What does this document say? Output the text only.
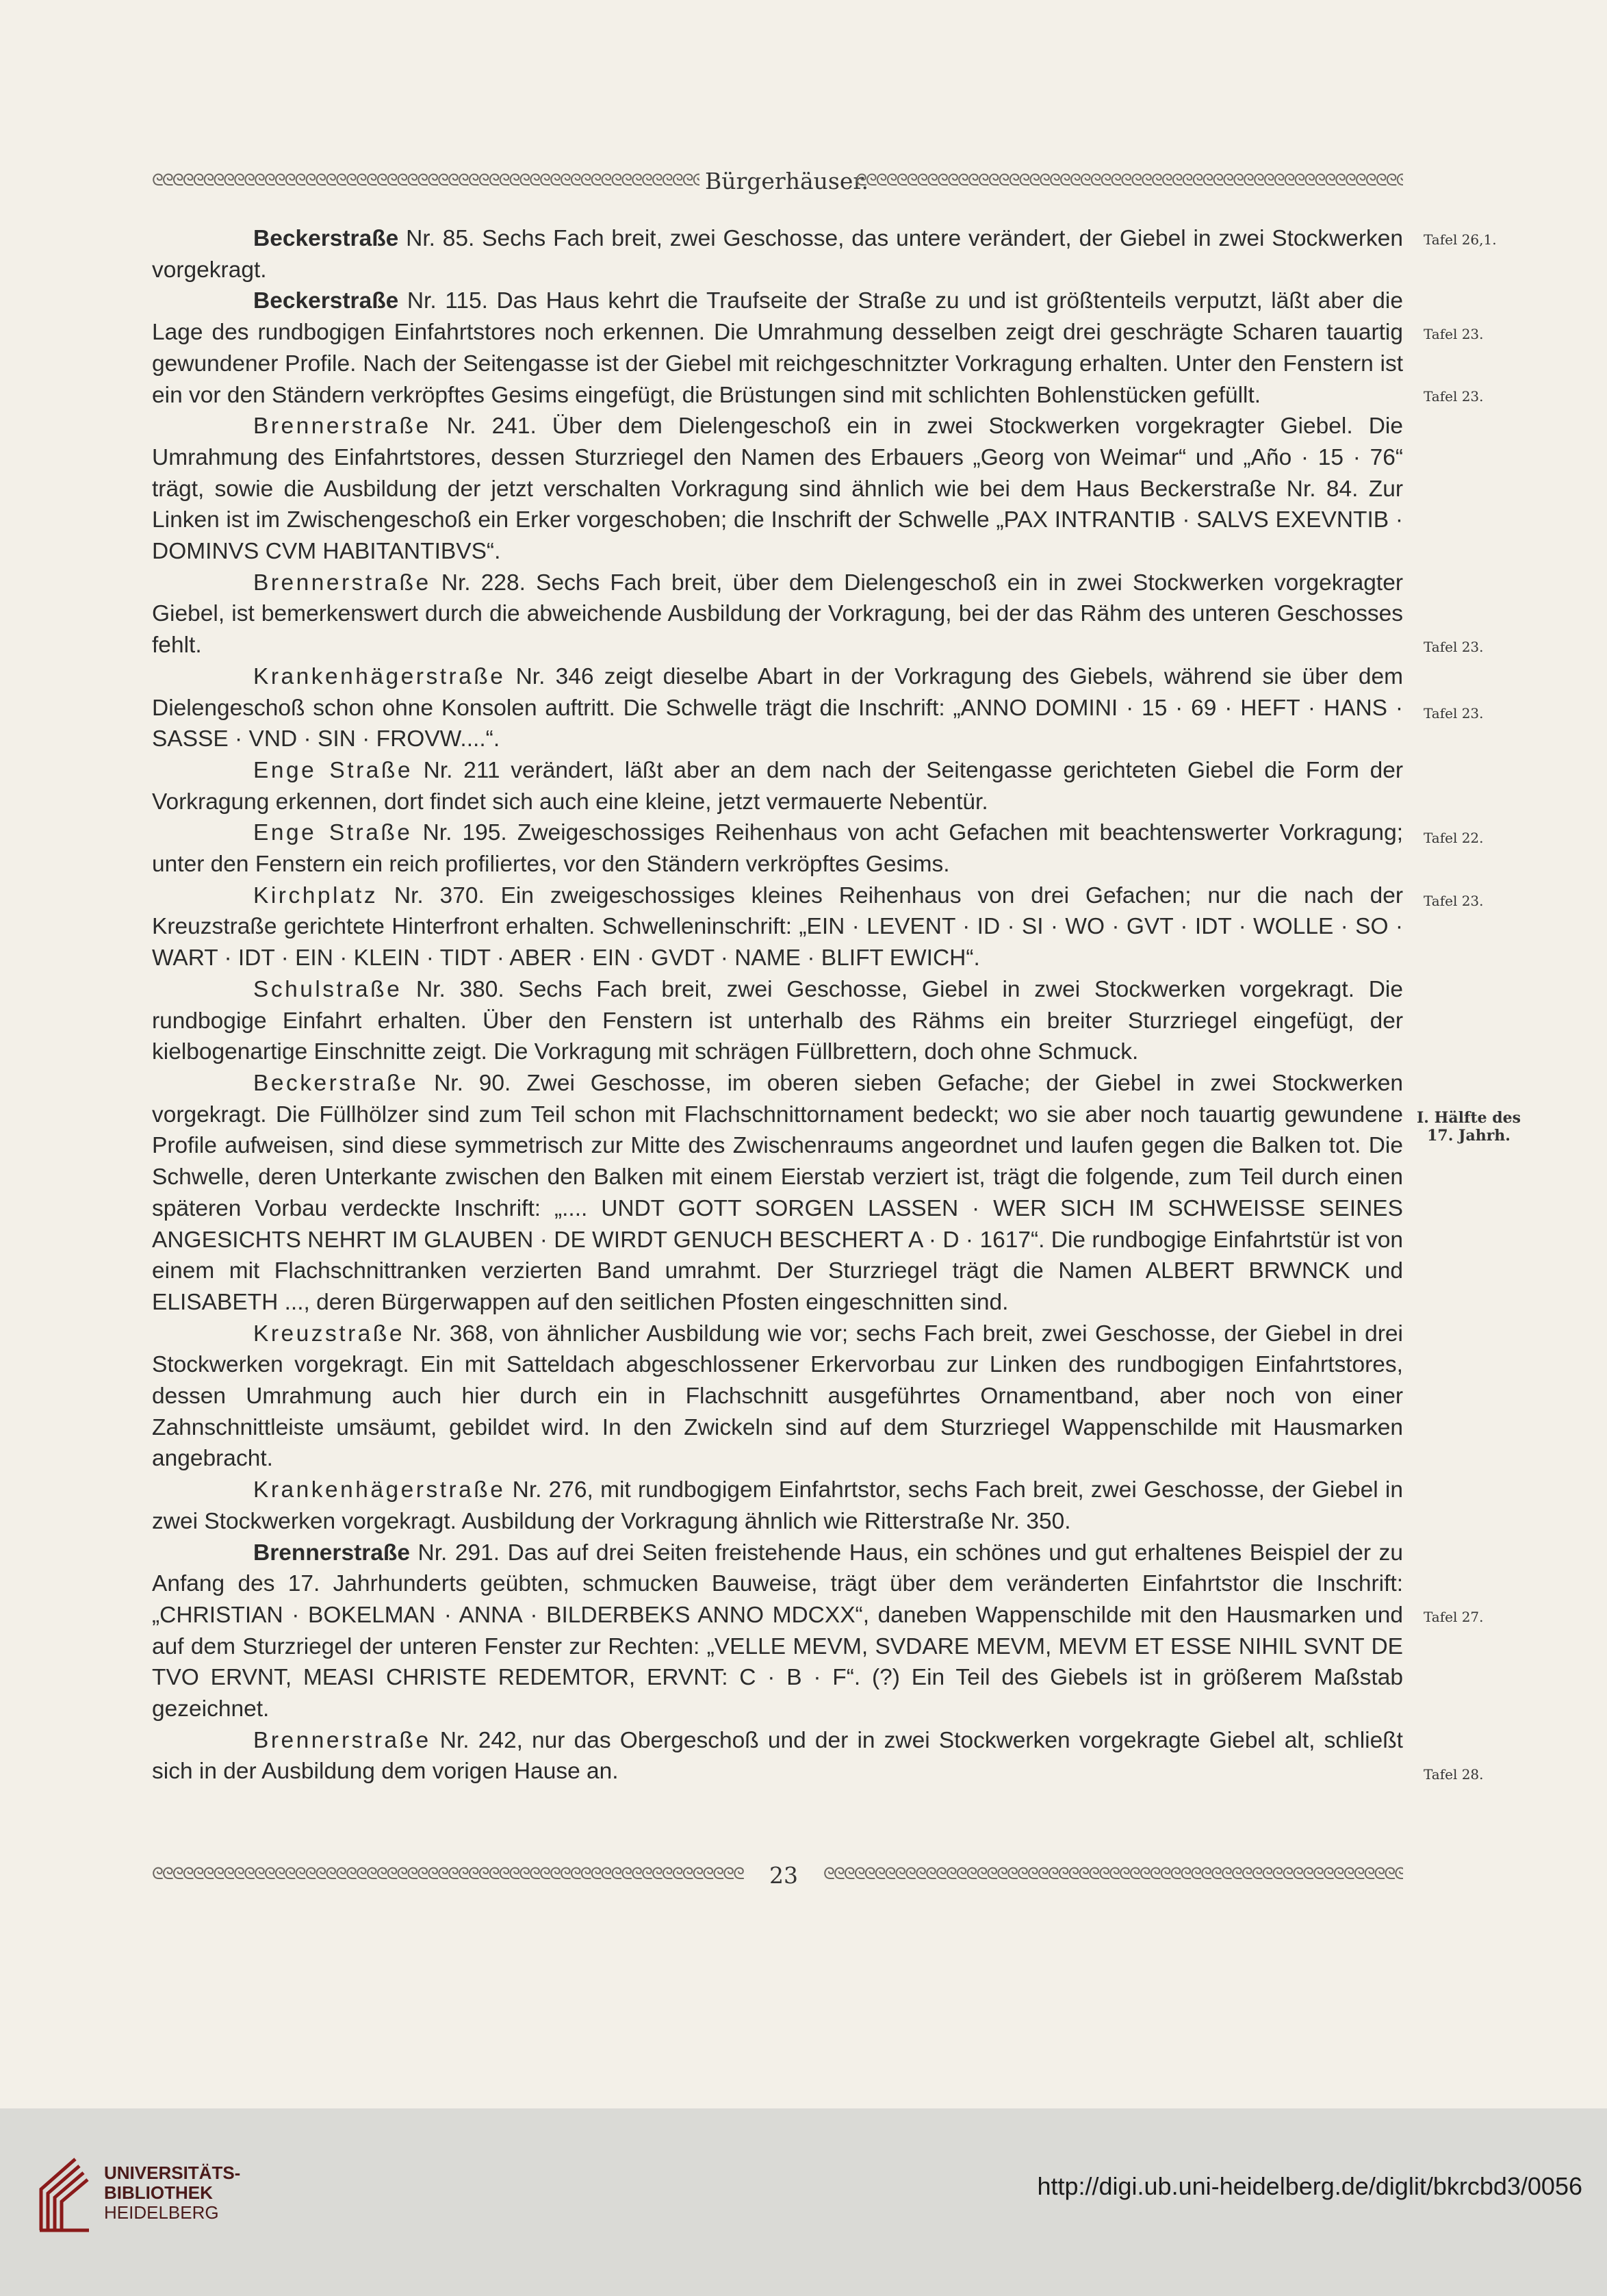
ᘓᘓᘓᘓᘓᘓᘓᘓᘓᘓᘓᘓᘓᘓᘓᘓᘓᘓᘓᘓᘓᘓᘓᘓᘓᘓᘓᘓᘓᘓᘓᘓᘓᘓᘓᘓᘓᘓᘓᘓᘓᘓᘓᘓᘓᘓᘓᘓᘓᘓᘓᘓᘓᘓᘓᘓᘓᘓᘓᘓᘓᘓᘓᘓᘓᘓᘓᘓᘓᘓᘓᘓᘓᘓᘓᘓᘓᘓᘓᘓᘓᘓᘓᘓᘓᘓ
Bürgerhäuser.
ᘓᘓᘓᘓᘓᘓᘓᘓᘓᘓᘓᘓᘓᘓᘓᘓᘓᘓᘓᘓᘓᘓᘓᘓᘓᘓᘓᘓᘓᘓᘓᘓᘓᘓᘓᘓᘓᘓᘓᘓᘓᘓᘓᘓᘓᘓᘓᘓᘓᘓᘓᘓᘓᘓᘓᘓᘓᘓᘓᘓᘓᘓᘓᘓᘓᘓᘓᘓᘓᘓᘓᘓᘓᘓᘓᘓᘓᘓᘓᘓᘓᘓᘓᘓᘓᘓ

Beckerstraße Nr. 85. Sechs Fach breit, zwei Geschosse, das untere verändert, der Giebel in zwei Stockwerken vorgekragt.

Beckerstraße Nr. 115. Das Haus kehrt die Traufseite der Straße zu und ist größtenteils verputzt, läßt aber die Lage des rundbogigen Einfahrtstores noch erkennen. Die Umrahmung desselben zeigt drei geschrägte Scharen tauartig gewundener Profile. Nach der Seitengasse ist der Giebel mit reichgeschnitzter Vorkragung erhalten. Unter den Fenstern ist ein vor den Ständern verkröpftes Gesims eingefügt, die Brüstungen sind mit schlichten Bohlenstücken gefüllt.

Brennerstraße Nr. 241. Über dem Dielengeschoß ein in zwei Stockwerken vorgekragter Giebel. Die Umrahmung des Einfahrtstores, dessen Sturzriegel den Namen des Erbauers „Georg von Weimar“ und „Año · 15 · 76“ trägt, sowie die Ausbildung der jetzt verschalten Vorkragung sind ähnlich wie bei dem Haus Beckerstraße Nr. 84. Zur Linken ist im Zwischengeschoß ein Erker vorgeschoben; die Inschrift der Schwelle „PAX INTRANTIB · SALVS EXEVNTIB · DOMINVS CVM HABITANTIBVS“.

Brennerstraße Nr. 228. Sechs Fach breit, über dem Dielengeschoß ein in zwei Stockwerken vorgekragter Giebel, ist bemerkenswert durch die abweichende Ausbildung der Vorkragung, bei der das Rähm des unteren Geschosses fehlt.

Krankenhägerstraße Nr. 346 zeigt dieselbe Abart in der Vorkragung des Giebels, während sie über dem Dielengeschoß schon ohne Konsolen auftritt. Die Schwelle trägt die Inschrift: „ANNO DOMINI · 15 · 69 · HEFT · HANS · SASSE · VND · SIN · FROVW....“.

Enge Straße Nr. 211 verändert, läßt aber an dem nach der Seitengasse gerichteten Giebel die Form der Vorkragung erkennen, dort findet sich auch eine kleine, jetzt vermauerte Nebentür.

Enge Straße Nr. 195. Zweigeschossiges Reihenhaus von acht Gefachen mit beachtenswerter Vorkragung; unter den Fenstern ein reich profiliertes, vor den Ständern verkröpftes Gesims.

Kirchplatz Nr. 370. Ein zweigeschossiges kleines Reihenhaus von drei Gefachen; nur die nach der Kreuzstraße gerichtete Hinterfront erhalten. Schwelleninschrift: „EIN · LEVENT · ID · SI · WO · GVT · IDT · WOLLE · SO · WART · IDT · EIN · KLEIN · TIDT · ABER · EIN · GVDT · NAME · BLIFT EWICH“.

Schulstraße Nr. 380. Sechs Fach breit, zwei Geschosse, Giebel in zwei Stockwerken vorgekragt. Die rundbogige Einfahrt erhalten. Über den Fenstern ist unterhalb des Rähms ein breiter Sturzriegel eingefügt, der kielbogenartige Einschnitte zeigt. Die Vorkragung mit schrägen Füllbrettern, doch ohne Schmuck.

Beckerstraße Nr. 90. Zwei Geschosse, im oberen sieben Gefache; der Giebel in zwei Stockwerken vorgekragt. Die Füllhölzer sind zum Teil schon mit Flachschnittornament bedeckt; wo sie aber noch tauartig gewundene Profile aufweisen, sind diese symmetrisch zur Mitte des Zwischenraums angeordnet und laufen gegen die Balken tot. Die Schwelle, deren Unterkante zwischen den Balken mit einem Eierstab verziert ist, trägt die folgende, zum Teil durch einen späteren Vorbau verdeckte Inschrift: „.... UNDT GOTT SORGEN LASSEN · WER SICH IM SCHWEISSE SEINES ANGESICHTS NEHRT IM GLAUBEN · DE WIRDT GENUCH BESCHERT A · D · 1617“. Die rundbogige Einfahrtstür ist von einem mit Flachschnittranken verzierten Band umrahmt. Der Sturzriegel trägt die Namen ALBERT BRWNCK und ELISABETH ..., deren Bürgerwappen auf den seitlichen Pfosten eingeschnitten sind.

Kreuzstraße Nr. 368, von ähnlicher Ausbildung wie vor; sechs Fach breit, zwei Geschosse, der Giebel in drei Stockwerken vorgekragt. Ein mit Satteldach abgeschlossener Erkervorbau zur Linken des rundbogigen Einfahrtstores, dessen Umrahmung auch hier durch ein in Flachschnitt ausgeführtes Ornamentband, aber noch von einer Zahnschnittleiste umsäumt, gebildet wird. In den Zwickeln sind auf dem Sturzriegel Wappenschilde mit Hausmarken angebracht.

Krankenhägerstraße Nr. 276, mit rundbogigem Einfahrtstor, sechs Fach breit, zwei Geschosse, der Giebel in zwei Stockwerken vorgekragt. Ausbildung der Vorkragung ähnlich wie Ritterstraße Nr. 350.

Brennerstraße Nr. 291. Das auf drei Seiten freistehende Haus, ein schönes und gut erhaltenes Beispiel der zu Anfang des 17. Jahrhunderts geübten, schmucken Bauweise, trägt über dem veränderten Einfahrtstor die Inschrift: „CHRISTIAN · BOKELMAN · ANNA · BILDERBEKS ANNO MDCXX“, daneben Wappenschilde mit den Hausmarken und auf dem Sturzriegel der unteren Fenster zur Rechten: „VELLE MEVM, SVDARE MEVM, MEVM ET ESSE NIHIL SVNT DE TVO ERVNT, MEASI CHRISTE REDEMTOR, ERVNT: C · B · F“. (?) Ein Teil des Giebels ist in größerem Maßstab gezeichnet.

Brennerstraße Nr. 242, nur das Obergeschoß und der in zwei Stockwerken vorgekragte Giebel alt, schließt sich in der Ausbildung dem vorigen Hause an.

Tafel 26,1.
Tafel 23.
Tafel 23.
Tafel 23.
Tafel 23.
Tafel 22.
Tafel 23.
I. Hälfte des
17. Jahrh.
Tafel 27.
Tafel 28.
ᘓᘓᘓᘓᘓᘓᘓᘓᘓᘓᘓᘓᘓᘓᘓᘓᘓᘓᘓᘓᘓᘓᘓᘓᘓᘓᘓᘓᘓᘓᘓᘓᘓᘓᘓᘓᘓᘓᘓᘓᘓᘓᘓᘓᘓᘓᘓᘓᘓᘓᘓᘓᘓᘓᘓᘓᘓᘓᘓᘓᘓᘓᘓᘓᘓᘓᘓᘓᘓᘓᘓᘓᘓᘓᘓᘓᘓᘓᘓᘓᘓᘓᘓᘓᘓᘓ
23
ᘓᘓᘓᘓᘓᘓᘓᘓᘓᘓᘓᘓᘓᘓᘓᘓᘓᘓᘓᘓᘓᘓᘓᘓᘓᘓᘓᘓᘓᘓᘓᘓᘓᘓᘓᘓᘓᘓᘓᘓᘓᘓᘓᘓᘓᘓᘓᘓᘓᘓᘓᘓᘓᘓᘓᘓᘓᘓᘓᘓᘓᘓᘓᘓᘓᘓᘓᘓᘓᘓᘓᘓᘓᘓᘓᘓᘓᘓᘓᘓᘓᘓᘓᘓᘓᘓ
UNIVERSITÄTS-
BIBLIOTHEK
HEIDELBERG
http://digi.ub.uni-heidelberg.de/diglit/bkrcbd3/0056
